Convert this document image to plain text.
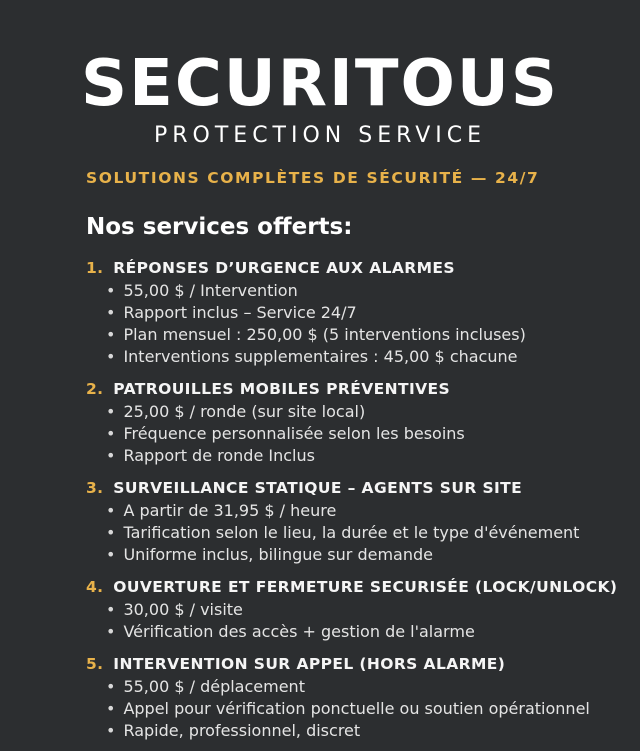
SECURITOUS
PROTECTION SERVICE
SOLUTIONS COMPLÈTES DE SÉCURITÉ — 24/7
Nos services offerts:
1. RÉPONSES D’URGENCE AUX ALARMES
• 55,00 $ / Intervention
• Rapport inclus – Service 24/7
• Plan mensuel : 250,00 $ (5 interventions incluses)
• Interventions supplementaires : 45,00 $ chacune
2. PATROUILLES MOBILES PRÉVENTIVES
• 25,00 $ / ronde (sur site local)
• Fréquence personnalisée selon les besoins
• Rapport de ronde Inclus
3. SURVEILLANCE STATIQUE – AGENTS SUR SITE
• A partir de 31,95 $ / heure
• Tarification selon le lieu, la durée et le type d'événement
• Uniforme inclus, bilingue sur demande
4. OUVERTURE ET FERMETURE SECURISÉE (LOCK/UNLOCK)
• 30,00 $ / visite
• Vérification des accès + gestion de l'alarme
5. INTERVENTION SUR APPEL (HORS ALARME)
• 55,00 $ / déplacement
• Appel pour vérification ponctuelle ou soutien opérationnel
• Rapide, professionnel, discret
